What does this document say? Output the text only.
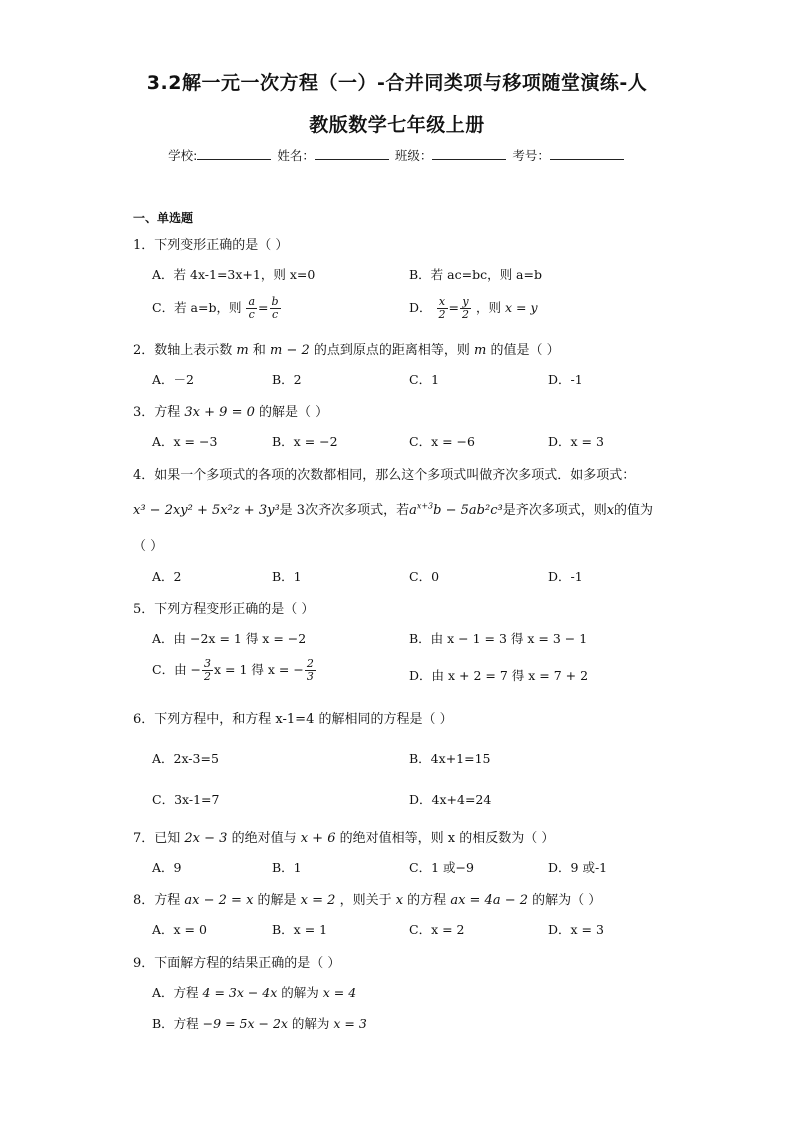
3.2解一元一次方程（一）-合并同类项与移项随堂演练-人
教版数学七年级上册
学校:	姓名：	班级：	考号：
一、单选题
1．下列变形正确的是（ ）
A．若 4x-1=3x+1，则 x=0	B．若 ac=bc，则 a=b
C．若 a=b，则 $\frac{a}{c} = \frac{b}{c}$	D． $\frac{x}{2} = \frac{y}{2}$ ，则 x = y
2．数轴上表示数 m 和 m − 2 的点到原点的距离相等，则 m 的值是（ ）
A．－2	B．2	C．1	D．-1
3．方程 3x + 9 = 0 的解是（ ）
A．x = −3	B．x = −2	C．x = −6	D．x = 3
4．如果一个多项式的各项的次数都相同，那么这个多项式叫做齐次多项式．如多项式：
x³ − 2xy² + 5x²z + 3y³是 3次齐次多项式，若$a^{x+3}b - 5ab^2c^3$是齐次多项式，则x的值为
（ ）
A．2	B．1	C．0	D．-1
5．下列方程变形正确的是（ ）
A．由 −2x = 1 得 x = −2	B．由 x − 1 = 3 得 x = 3 − 1
C．由 − $\frac{3}{2}$ x = 1 得 x = − $\frac{2}{3}$	D．由 x + 2 = 7 得 x = 7 + 2
6．下列方程中，和方程 x-1=4 的解相同的方程是（ ）
A．2x-3=5	B．4x+1=15
C．3x-1=7	D．4x+4=24
7．已知 2x − 3 的绝对值与 x + 6 的绝对值相等，则 x 的相反数为（ ）
A．9	B．1	C．1 或−9	D．9 或-1
8．方程 ax − 2 = x 的解是 x = 2 ，则关于 x 的方程 ax = 4a − 2 的解为（ ）
A．x = 0	B．x = 1	C．x = 2	D．x = 3
9．下面解方程的结果正确的是（ ）
A．方程 4 = 3x − 4x 的解为 x = 4
B．方程 −9 = 5x − 2x 的解为 x = 3
